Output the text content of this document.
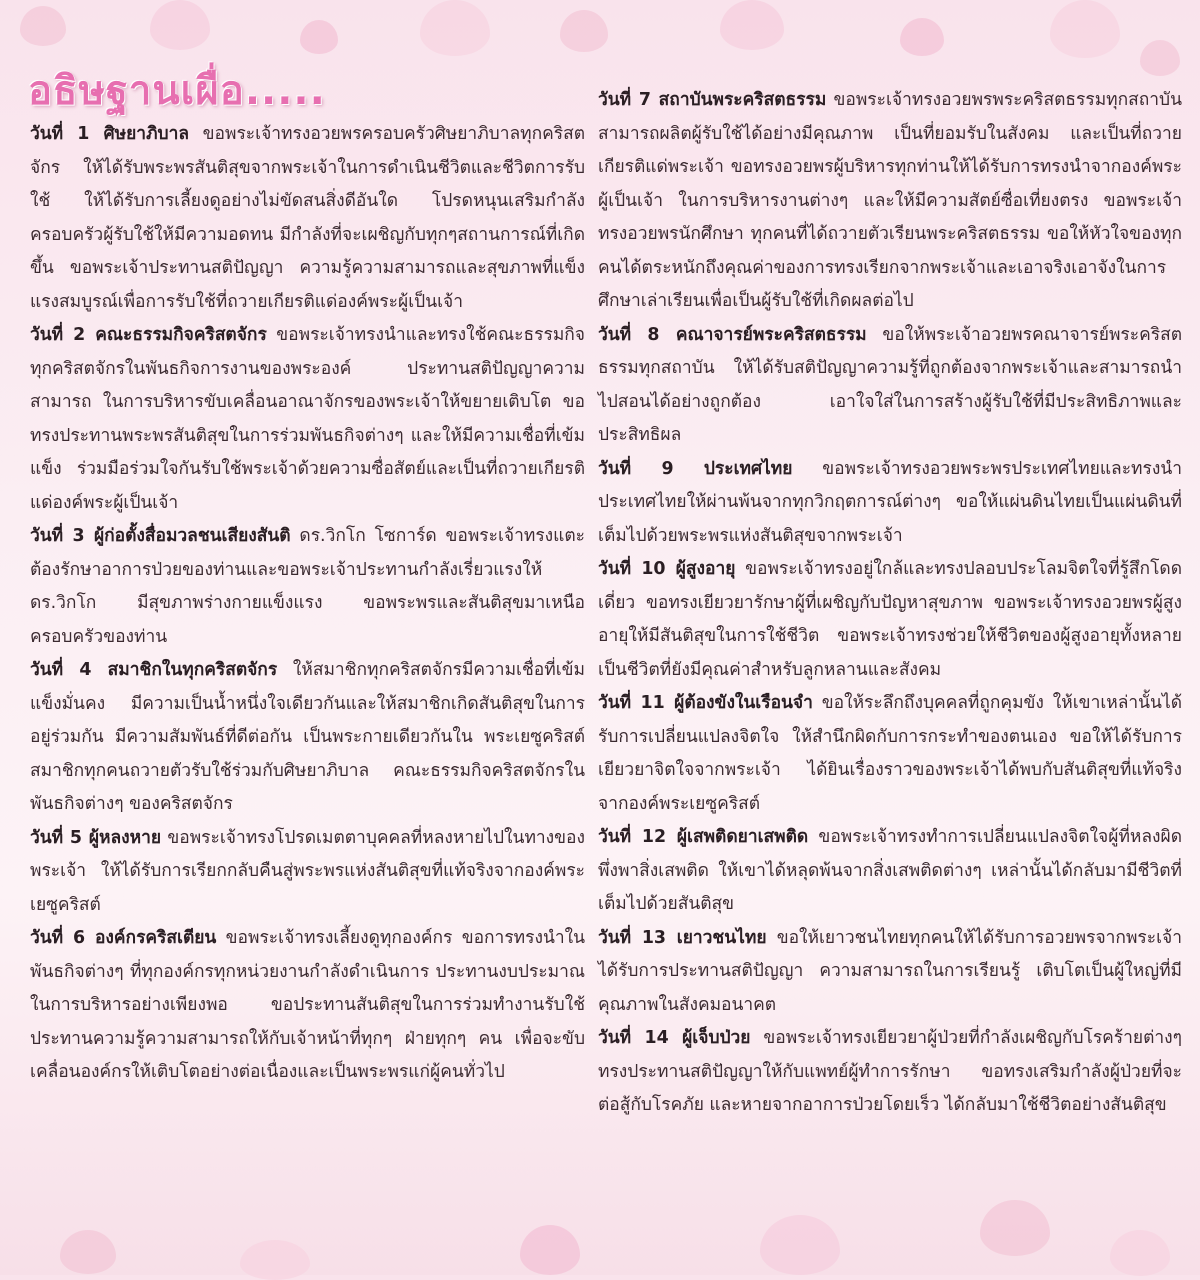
อธิษฐานเผื่อ.....

วันที่ 1 ศิษยาภิบาล ขอพระเจ้าทรงอวยพรครอบครัวศิษยาภิบาลทุกคริสตจักร ให้ได้รับพระพรสันติสุขจากพระเจ้าในการดำเนินชีวิตและชีวิตการรับใช้ ให้ได้รับการเลี้ยงดูอย่างไม่ขัดสนสิ่งดีอันใด โปรดหนุนเสริมกำลังครอบครัวผู้รับใช้ให้มีความอดทน มีกำลังที่จะเผชิญกับทุกๆสถานการณ์ที่เกิดขึ้น ขอพระเจ้าประทานสติปัญญา ความรู้ความสามารถและสุขภาพที่แข็งแรงสมบูรณ์เพื่อการรับใช้ที่ถวายเกียรติแด่องค์พระผู้เป็นเจ้า

วันที่ 2 คณะธรรมกิจคริสตจักร ขอพระเจ้าทรงนำและทรงใช้คณะธรรมกิจทุกคริสตจักรในพันธกิจการงานของพระองค์ ประทานสติปัญญาความสามารถ ในการบริหารขับเคลื่อนอาณาจักรของพระเจ้าให้ขยายเติบโต ขอทรงประทานพระพรสันติสุขในการร่วมพันธกิจต่างๆ และให้มีความเชื่อที่เข้มแข็ง ร่วมมือร่วมใจกันรับใช้พระเจ้าด้วยความซื่อสัตย์และเป็นที่ถวายเกียรติแด่องค์พระผู้เป็นเจ้า

วันที่ 3 ผู้ก่อตั้งสื่อมวลชนเสียงสันติ ดร.วิกโก โซการ์ด ขอพระเจ้าทรงแตะต้องรักษาอาการป่วยของท่านและขอพระเจ้าประทานกำลังเรี่ยวแรงให้ ดร.วิกโก มีสุขภาพร่างกายแข็งแรง ขอพระพรและสันติสุขมาเหนือครอบครัวของท่าน

วันที่ 4 สมาชิกในทุกคริสตจักร ให้สมาชิกทุกคริสตจักรมีความเชื่อที่เข้มแข็งมั่นคง มีความเป็นน้ำหนึ่งใจเดียวกันและให้สมาชิกเกิดสันติสุขในการอยู่ร่วมกัน มีความสัมพันธ์ที่ดีต่อกัน เป็นพระกายเดียวกันใน พระเยซูคริสต์ สมาชิกทุกคนถวายตัวรับใช้ร่วมกับศิษยาภิบาล คณะธรรมกิจคริสตจักรในพันธกิจต่างๆ ของคริสตจักร

วันที่ 5 ผู้หลงหาย ขอพระเจ้าทรงโปรดเมตตาบุคคลที่หลงหายไปในทางของพระเจ้า ให้ได้รับการเรียกกลับคืนสู่พระพรแห่งสันติสุขที่แท้จริงจากองค์พระเยซูคริสต์

วันที่ 6 องค์กรคริสเตียน ขอพระเจ้าทรงเลี้ยงดูทุกองค์กร ขอการทรงนำในพันธกิจต่างๆ ที่ทุกองค์กรทุกหน่วยงานกำลังดำเนินการ ประทานงบประมาณในการบริหารอย่างเพียงพอ ขอประทานสันติสุขในการร่วมทำงานรับใช้ ประทานความรู้ความสามารถให้กับเจ้าหน้าที่ทุกๆ ฝ่ายทุกๆ คน เพื่อจะขับเคลื่อนองค์กรให้เติบโตอย่างต่อเนื่องและเป็นพระพรแก่ผู้คนทั่วไป

วันที่ 7 สถาบันพระคริสตธรรม ขอพระเจ้าทรงอวยพรพระคริสตธรรมทุกสถาบัน สามารถผลิตผู้รับใช้ได้อย่างมีคุณภาพ เป็นที่ยอมรับในสังคม และเป็นที่ถวายเกียรติแด่พระเจ้า ขอทรงอวยพรผู้บริหารทุกท่านให้ได้รับการทรงนำจากองค์พระผู้เป็นเจ้า ในการบริหารงานต่างๆ และให้มีความสัตย์ซื่อเที่ยงตรง ขอพระเจ้าทรงอวยพรนักศึกษา ทุกคนที่ได้ถวายตัวเรียนพระคริสตธรรม ขอให้หัวใจของทุกคนได้ตระหนักถึงคุณค่าของการทรงเรียกจากพระเจ้าและเอาจริงเอาจังในการศึกษาเล่าเรียนเพื่อเป็นผู้รับใช้ที่เกิดผลต่อไป

วันที่ 8 คณาจารย์พระคริสตธรรม ขอให้พระเจ้าอวยพรคณาจารย์พระคริสตธรรมทุกสถาบัน ให้ได้รับสติปัญญาความรู้ที่ถูกต้องจากพระเจ้าและสามารถนำไปสอนได้อย่างถูกต้อง เอาใจใส่ในการสร้างผู้รับใช้ที่มีประสิทธิภาพและประสิทธิผล

วันที่ 9 ประเทศไทย ขอพระเจ้าทรงอวยพระพรประเทศไทยและทรงนำประเทศไทยให้ผ่านพ้นจากทุกวิกฤตการณ์ต่างๆ ขอให้แผ่นดินไทยเป็นแผ่นดินที่เต็มไปด้วยพระพรแห่งสันติสุขจากพระเจ้า

วันที่ 10 ผู้สูงอายุ ขอพระเจ้าทรงอยู่ใกล้และทรงปลอบประโลมจิตใจที่รู้สึกโดดเดี่ยว ขอทรงเยียวยารักษาผู้ที่เผชิญกับปัญหาสุขภาพ ขอพระเจ้าทรงอวยพรผู้สูงอายุให้มีสันติสุขในการใช้ชีวิต ขอพระเจ้าทรงช่วยให้ชีวิตของผู้สูงอายุทั้งหลายเป็นชีวิตที่ยังมีคุณค่าสำหรับลูกหลานและสังคม

วันที่ 11 ผู้ต้องขังในเรือนจำ ขอให้ระลึกถึงบุคคลที่ถูกคุมขัง ให้เขาเหล่านั้นได้รับการเปลี่ยนแปลงจิตใจ ให้สำนึกผิดกับการกระทำของตนเอง ขอให้ได้รับการเยียวยาจิตใจจากพระเจ้า ได้ยินเรื่องราวของพระเจ้าได้พบกับสันติสุขที่แท้จริงจากองค์พระเยซูคริสต์

วันที่ 12 ผู้เสพติดยาเสพติด ขอพระเจ้าทรงทำการเปลี่ยนแปลงจิตใจผู้ที่หลงผิดพึ่งพาสิ่งเสพติด ให้เขาได้หลุดพ้นจากสิ่งเสพติดต่างๆ เหล่านั้นได้กลับมามีชีวิตที่เต็มไปด้วยสันติสุข

วันที่ 13 เยาวชนไทย ขอให้เยาวชนไทยทุกคนให้ได้รับการอวยพรจากพระเจ้า ได้รับการประทานสติปัญญา ความสามารถในการเรียนรู้ เติบโตเป็นผู้ใหญ่ที่มีคุณภาพในสังคมอนาคต

วันที่ 14 ผู้เจ็บป่วย ขอพระเจ้าทรงเยียวยาผู้ป่วยที่กำลังเผชิญกับโรคร้ายต่างๆ ทรงประทานสติปัญญาให้กับแพทย์ผู้ทำการรักษา ขอทรงเสริมกำลังผู้ป่วยที่จะต่อสู้กับโรคภัย และหายจากอาการป่วยโดยเร็ว ได้กลับมาใช้ชีวิตอย่างสันติสุข
